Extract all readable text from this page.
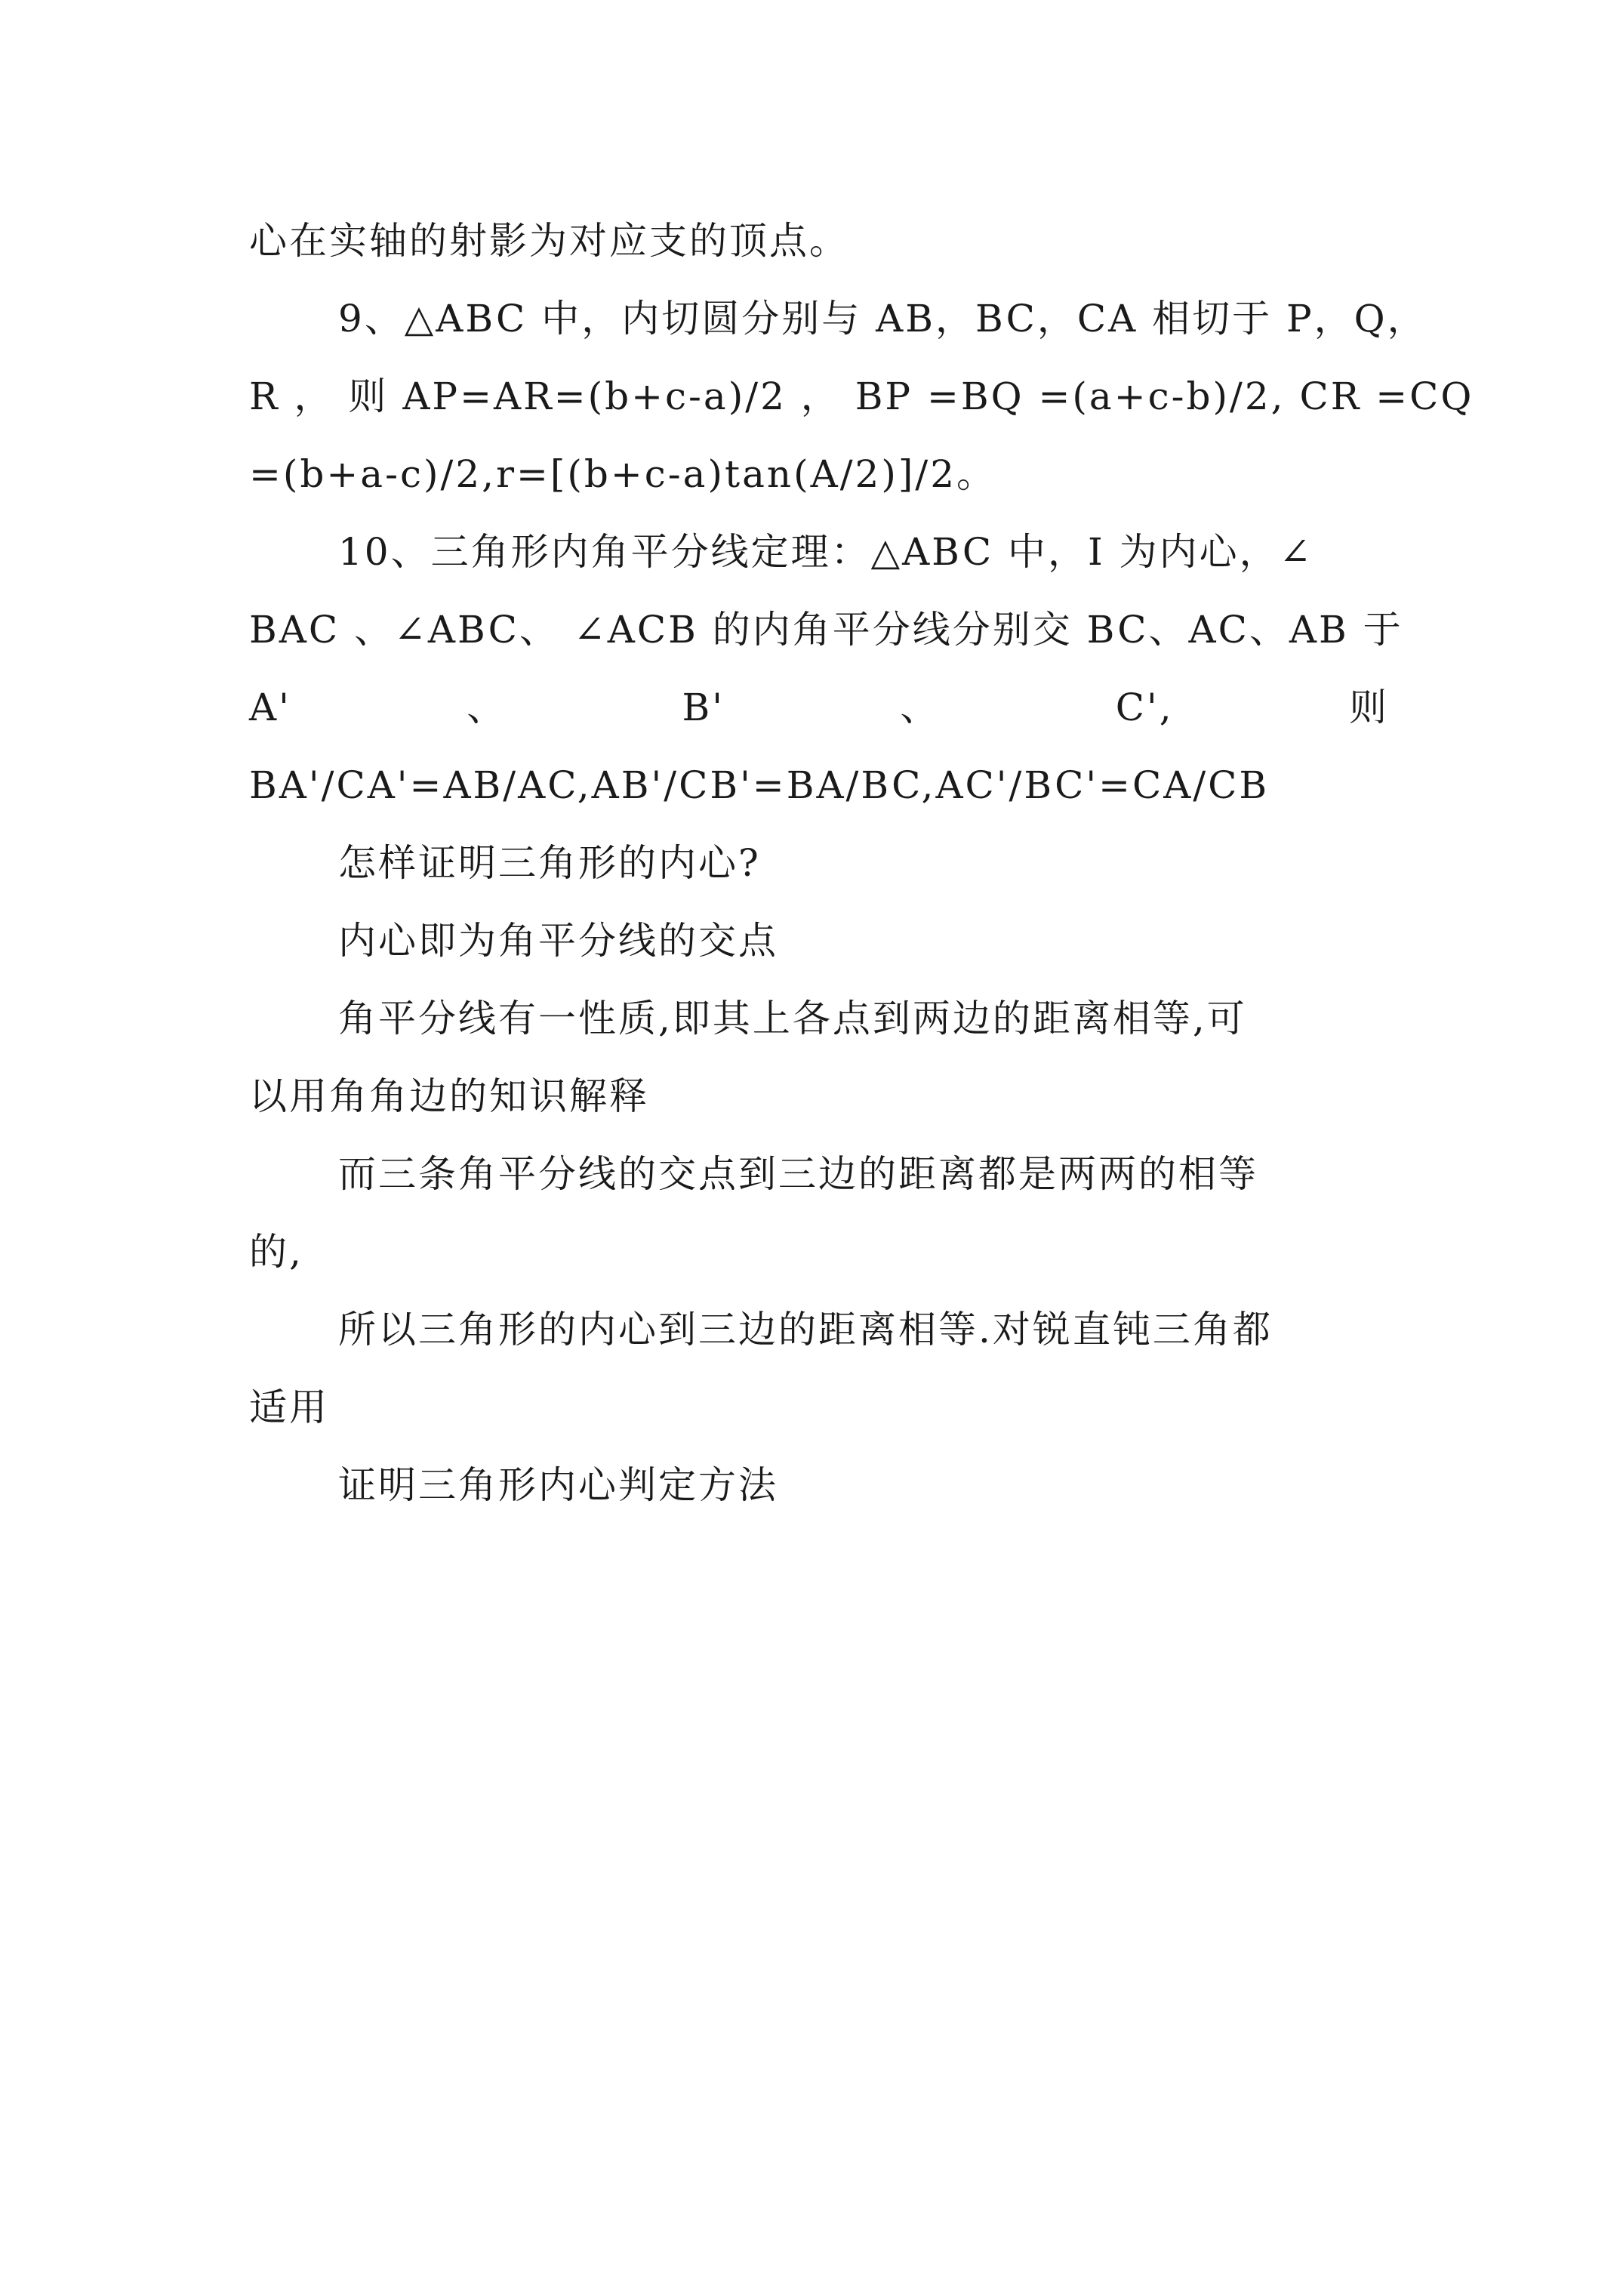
心在实轴的射影为对应支的顶点。
9、△ABC 中，内切圆分别与 AB，BC，CA 相切于 P，Q，
R ， 则 AP=AR=(b+c-a)/2 ， BP =BQ =(a+c-b)/2, CR =CQ
=(b+a-c)/2,r=[(b+c-a)tan(A/2)]/2。
10、三角形内角平分线定理：△ABC 中，I 为内心，∠
BAC 、∠ABC、 ∠ACB 的内角平分线分别交 BC、AC、AB 于
A'	、	B'	、	C',	则
BA'/CA'=AB/AC,AB'/CB'=BA/BC,AC'/BC'=CA/CB
怎样证明三角形的内心?
内心即为角平分线的交点
角平分线有一性质,即其上各点到两边的距离相等,可
以用角角边的知识解释
而三条角平分线的交点到三边的距离都是两两的相等
的,
所以三角形的内心到三边的距离相等.对锐直钝三角都
适用
证明三角形内心判定方法
